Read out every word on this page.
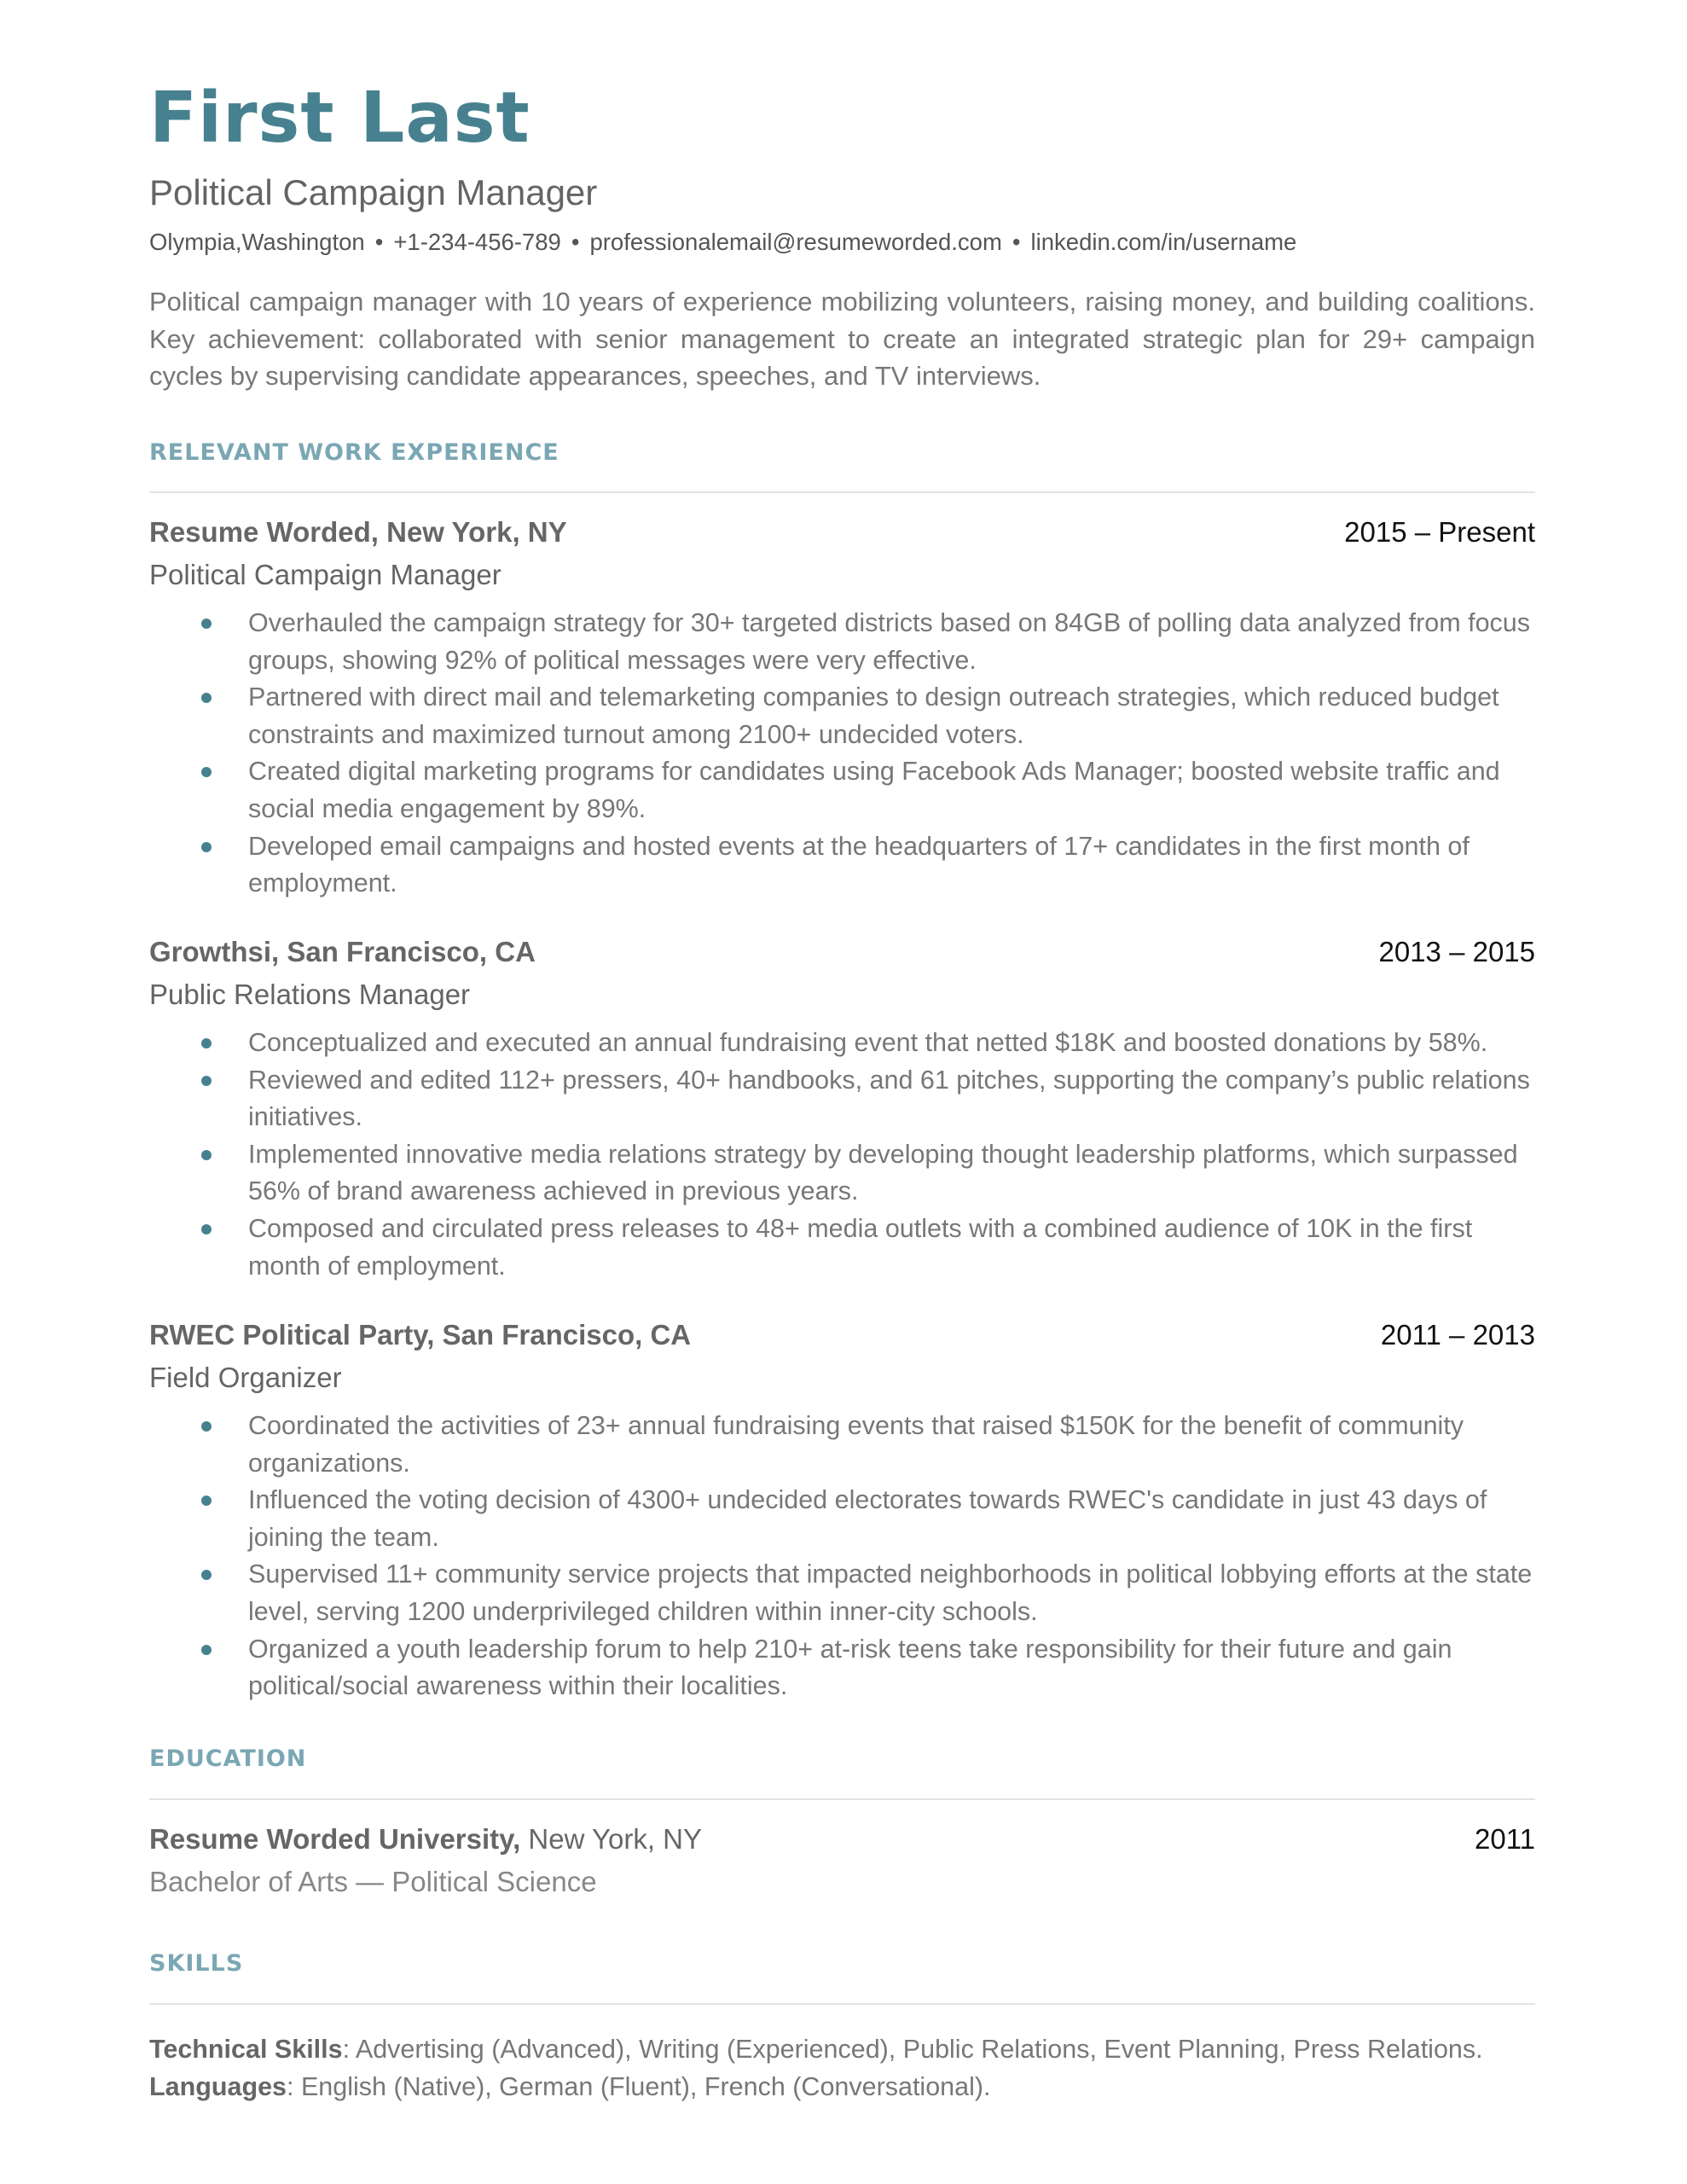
First Last
Political Campaign Manager
Olympia,Washington • +1-234-456-789 • professionalemail@resumeworded.com • linkedin.com/in/username
Political campaign manager with 10 years of experience mobilizing volunteers, raising money, and building coalitions. Key achievement: collaborated with senior management to create an integrated strategic plan for 29+ campaign cycles by supervising candidate appearances, speeches, and TV interviews.
RELEVANT WORK EXPERIENCE
Resume Worded, New York, NY	2015 – Present
Political Campaign Manager
Overhauled the campaign strategy for 30+ targeted districts based on 84GB of polling data analyzed from focus groups, showing 92% of political messages were very effective.
Partnered with direct mail and telemarketing companies to design outreach strategies, which reduced budget constraints and maximized turnout among 2100+ undecided voters.
Created digital marketing programs for candidates using Facebook Ads Manager; boosted website traffic and social media engagement by 89%.
Developed email campaigns and hosted events at the headquarters of 17+ candidates in the first month of employment.
Growthsi, San Francisco, CA	2013 – 2015
Public Relations Manager
Conceptualized and executed an annual fundraising event that netted $18K and boosted donations by 58%.
Reviewed and edited 112+ pressers, 40+ handbooks, and 61 pitches, supporting the company’s public relations initiatives.
Implemented innovative media relations strategy by developing thought leadership platforms, which surpassed 56% of brand awareness achieved in previous years.
Composed and circulated press releases to 48+ media outlets with a combined audience of 10K in the first month of employment.
RWEC Political Party, San Francisco, CA	2011 – 2013
Field Organizer
Coordinated the activities of 23+ annual fundraising events that raised $150K for the benefit of community organizations.
Influenced the voting decision of 4300+ undecided electorates towards RWEC's candidate in just 43 days of joining the team.
Supervised 11+ community service projects that impacted neighborhoods in political lobbying efforts at the state level, serving 1200 underprivileged children within inner-city schools.
Organized a youth leadership forum to help 210+ at-risk teens take responsibility for their future and gain political/social awareness within their localities.
EDUCATION
Resume Worded University, New York, NY	2011
Bachelor of Arts — Political Science
SKILLS
Technical Skills: Advertising (Advanced), Writing (Experienced), Public Relations, Event Planning, Press Relations.
Languages: English (Native), German (Fluent), French (Conversational).
